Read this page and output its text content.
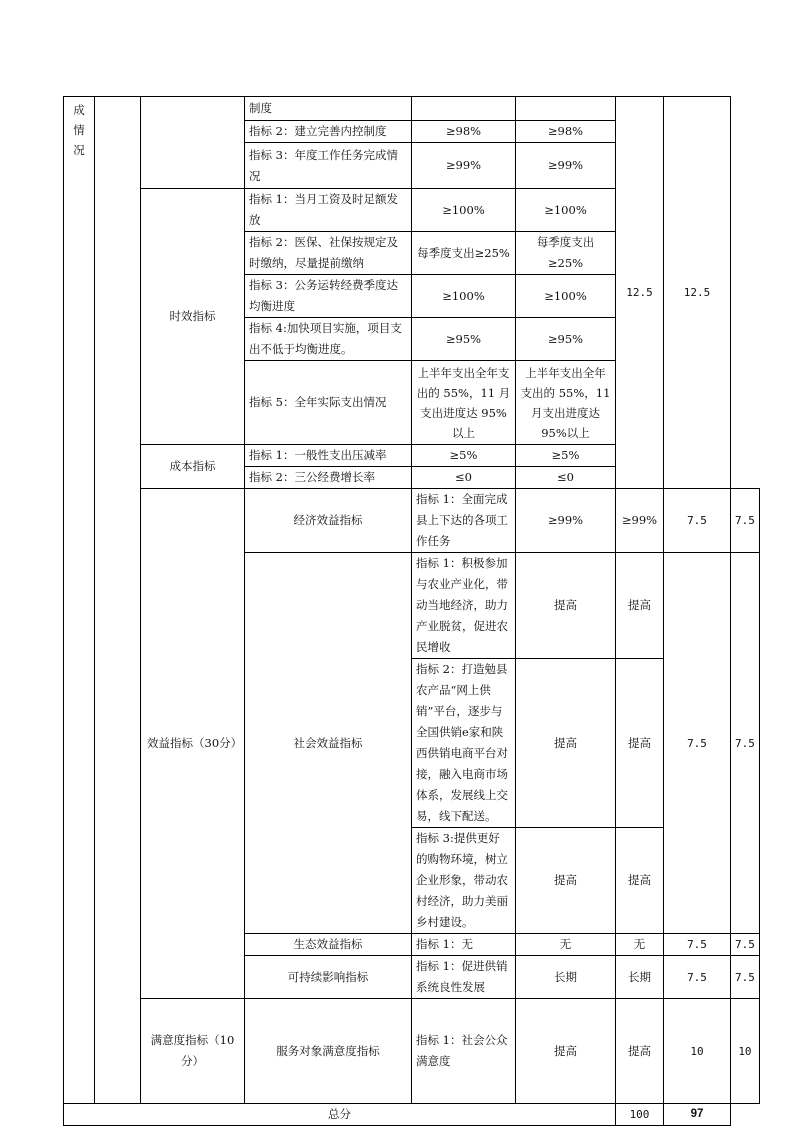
成情况			制度			12.5	12.5	
			指标 2：建立完善内控制度	≥98%	≥98%			
			指标 3：年度工作任务完成情况	≥99%	≥99%			
		时效指标	指标 1：当月工资及时足额发放	≥100%	≥100%			
			指标 2：医保、社保按规定及时缴纳，尽量提前缴纳	每季度支出≥25%	每季度支出≥25%			
			指标 3：公务运转经费季度达均衡进度	≥100%	≥100%			
			指标 4:加快项目实施，项目支出不低于均衡进度。	≥95%	≥95%			
			指标 5：全年实际支出情况	上半年支出全年支出的 55%，11 月支出进度达 95%以上	上半年支出全年支出的 55%，11 月支出进度达 95%以上			
		成本指标	指标 1：一般性支出压减率	≥5%	≥5%			
			指标 2：三公经费增长率	≤0	≤0			
		效益指标（30分）	经济效益指标	指标 1：全面完成县上下达的各项工作任务	≥99%	≥99%	7.5	7.5
			社会效益指标	指标 1：积极参加与农业产业化，带动当地经济，助力产业脱贫，促进农民增收	提高	提高	7.5	7.5
				指标 2：打造勉县农产品“网上供销”平台，逐步与全国供销e家和陕西供销电商平台对接，融入电商市场体系，发展线上交易，线下配送。	提高	提高		
				指标 3:提供更好的购物环境，树立企业形象，带动农村经济，助力美丽乡村建设。	提高	提高		
			生态效益指标	指标 1：无	无	无	7.5	7.5
			可持续影响指标	指标 1：促进供销系统良性发展	长期	长期	7.5	7.5
		满意度指标（10分）	服务对象满意度指标	指标 1：社会公众满意度	提高	提高	10	10
总分						100	97	
